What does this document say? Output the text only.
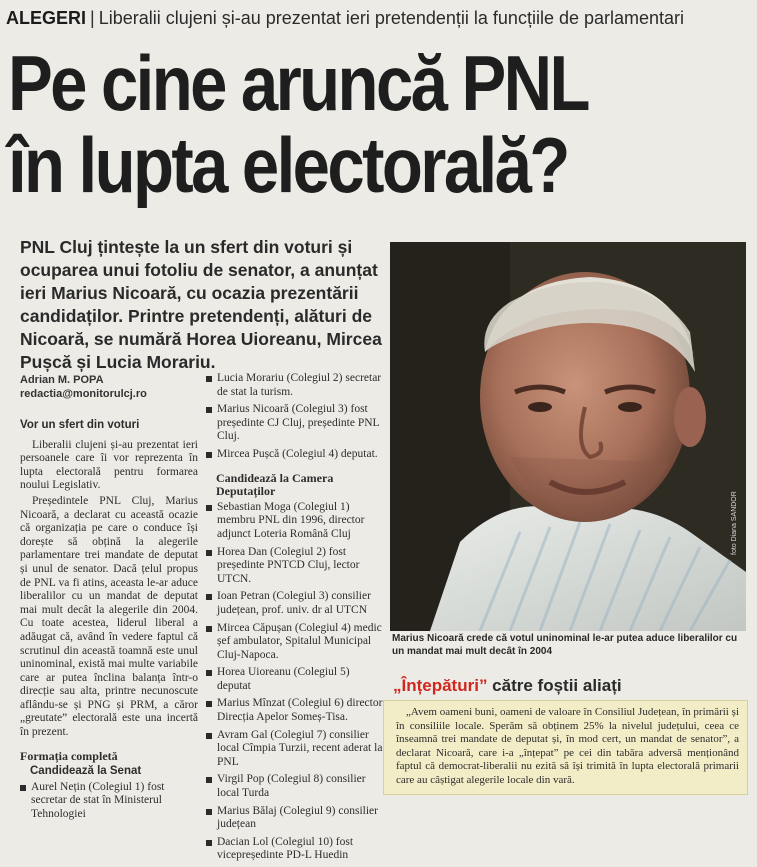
ALEGERI | Liberalii clujeni și-au prezentat ieri pretendenții la funcțiile de parlamentari
Pe cine aruncă PNL
în lupta electorală?

PNL Cluj țintește la un sfert din voturi și ocuparea unui fotoliu de senator, a anunțat ieri Marius Nicoară, cu ocazia prezentării candidaților. Printre pretendenți, alături de Nicoară, se numără Horea Uioreanu, Mircea Pușcă și Lucia Morariu.

Adrian M. POPA
redactia@monitorulcj.ro
Vor un sfert din voturi

Liberalii clujeni și-au prezentat ieri persoanele care îi vor reprezenta în lupta electorală pentru formarea noului Legislativ.

Președintele PNL Cluj, Marius Nicoară, a declarat cu această ocazie că organizația pe care o conduce își dorește să obțină la alegerile parlamentare trei mandate de deputat și unul de senator. Dacă țelul propus de PNL va fi atins, aceasta le-ar aduce liberalilor cu un mandat de deputat mai mult decât la alegerile din 2004. Cu toate acestea, liderul liberal a adăugat că, având în vedere faptul că scrutinul din această toamnă este unul uninominal, există mai multe variabile care ar putea înclina balanța într-o direcție sau alta, printre necunoscute aflându-se și PNG și PRM, a căror „greutate” electorală este una incertă în prezent.

Formația completă
Candidează la Senat
Aurel Nețin (Colegiul 1) fost secretar de stat în Ministerul Tehnologiei
Lucia Morariu (Colegiul 2) secretar de stat la turism.
Marius Nicoară (Colegiul 3) fost președinte CJ Cluj, președinte PNL Cluj.
Mircea Pușcă (Colegiul 4) deputat.
Candidează la Camera Deputaților
Sebastian Moga (Colegiul 1) membru PNL din 1996, director adjunct Loteria Română Cluj
Horea Dan (Colegiul 2) fost președinte PNTCD Cluj, lector UTCN.
Ioan Petran (Colegiul 3) consilier județean, prof. univ. dr al UTCN
Mircea Căpușan (Colegiul 4) medic șef ambulator, Spitalul Municipal Cluj-Napoca.
Horea Uioreanu (Colegiul 5) deputat
Marius Mînzat (Colegiul 6) director Direcția Apelor Someș-Tisa.
Avram Gal (Colegiul 7) consilier local Cîmpia Turzii, recent aderat la PNL
Virgil Pop (Colegiul 8) consilier local Turda
Marius Bălaj (Colegiul 9) consilier județean
Dacian Lol (Colegiul 10) fost vicepreședinte PD-L Huedin
foto Diana SANDOR
Marius Nicoară crede că votul uninominal le-ar putea aduce liberalilor cu un mandat mai mult decât în 2004
„Înțepături” către foștii aliați

„Avem oameni buni, oameni de valoare în Consiliul Județean, în primării și în consiliile locale. Sperăm să obținem 25% la nivelul județului, ceea ce înseamnă trei mandate de deputat și, în mod cert, un mandat de senator”, a declarat Nicoară, care i-a „înțepat” pe cei din tabăra adversă menționând faptul că democrat-liberalii nu ezită să își trimită în lupta electorală primarii care au câștigat alegerile locale din vară.
